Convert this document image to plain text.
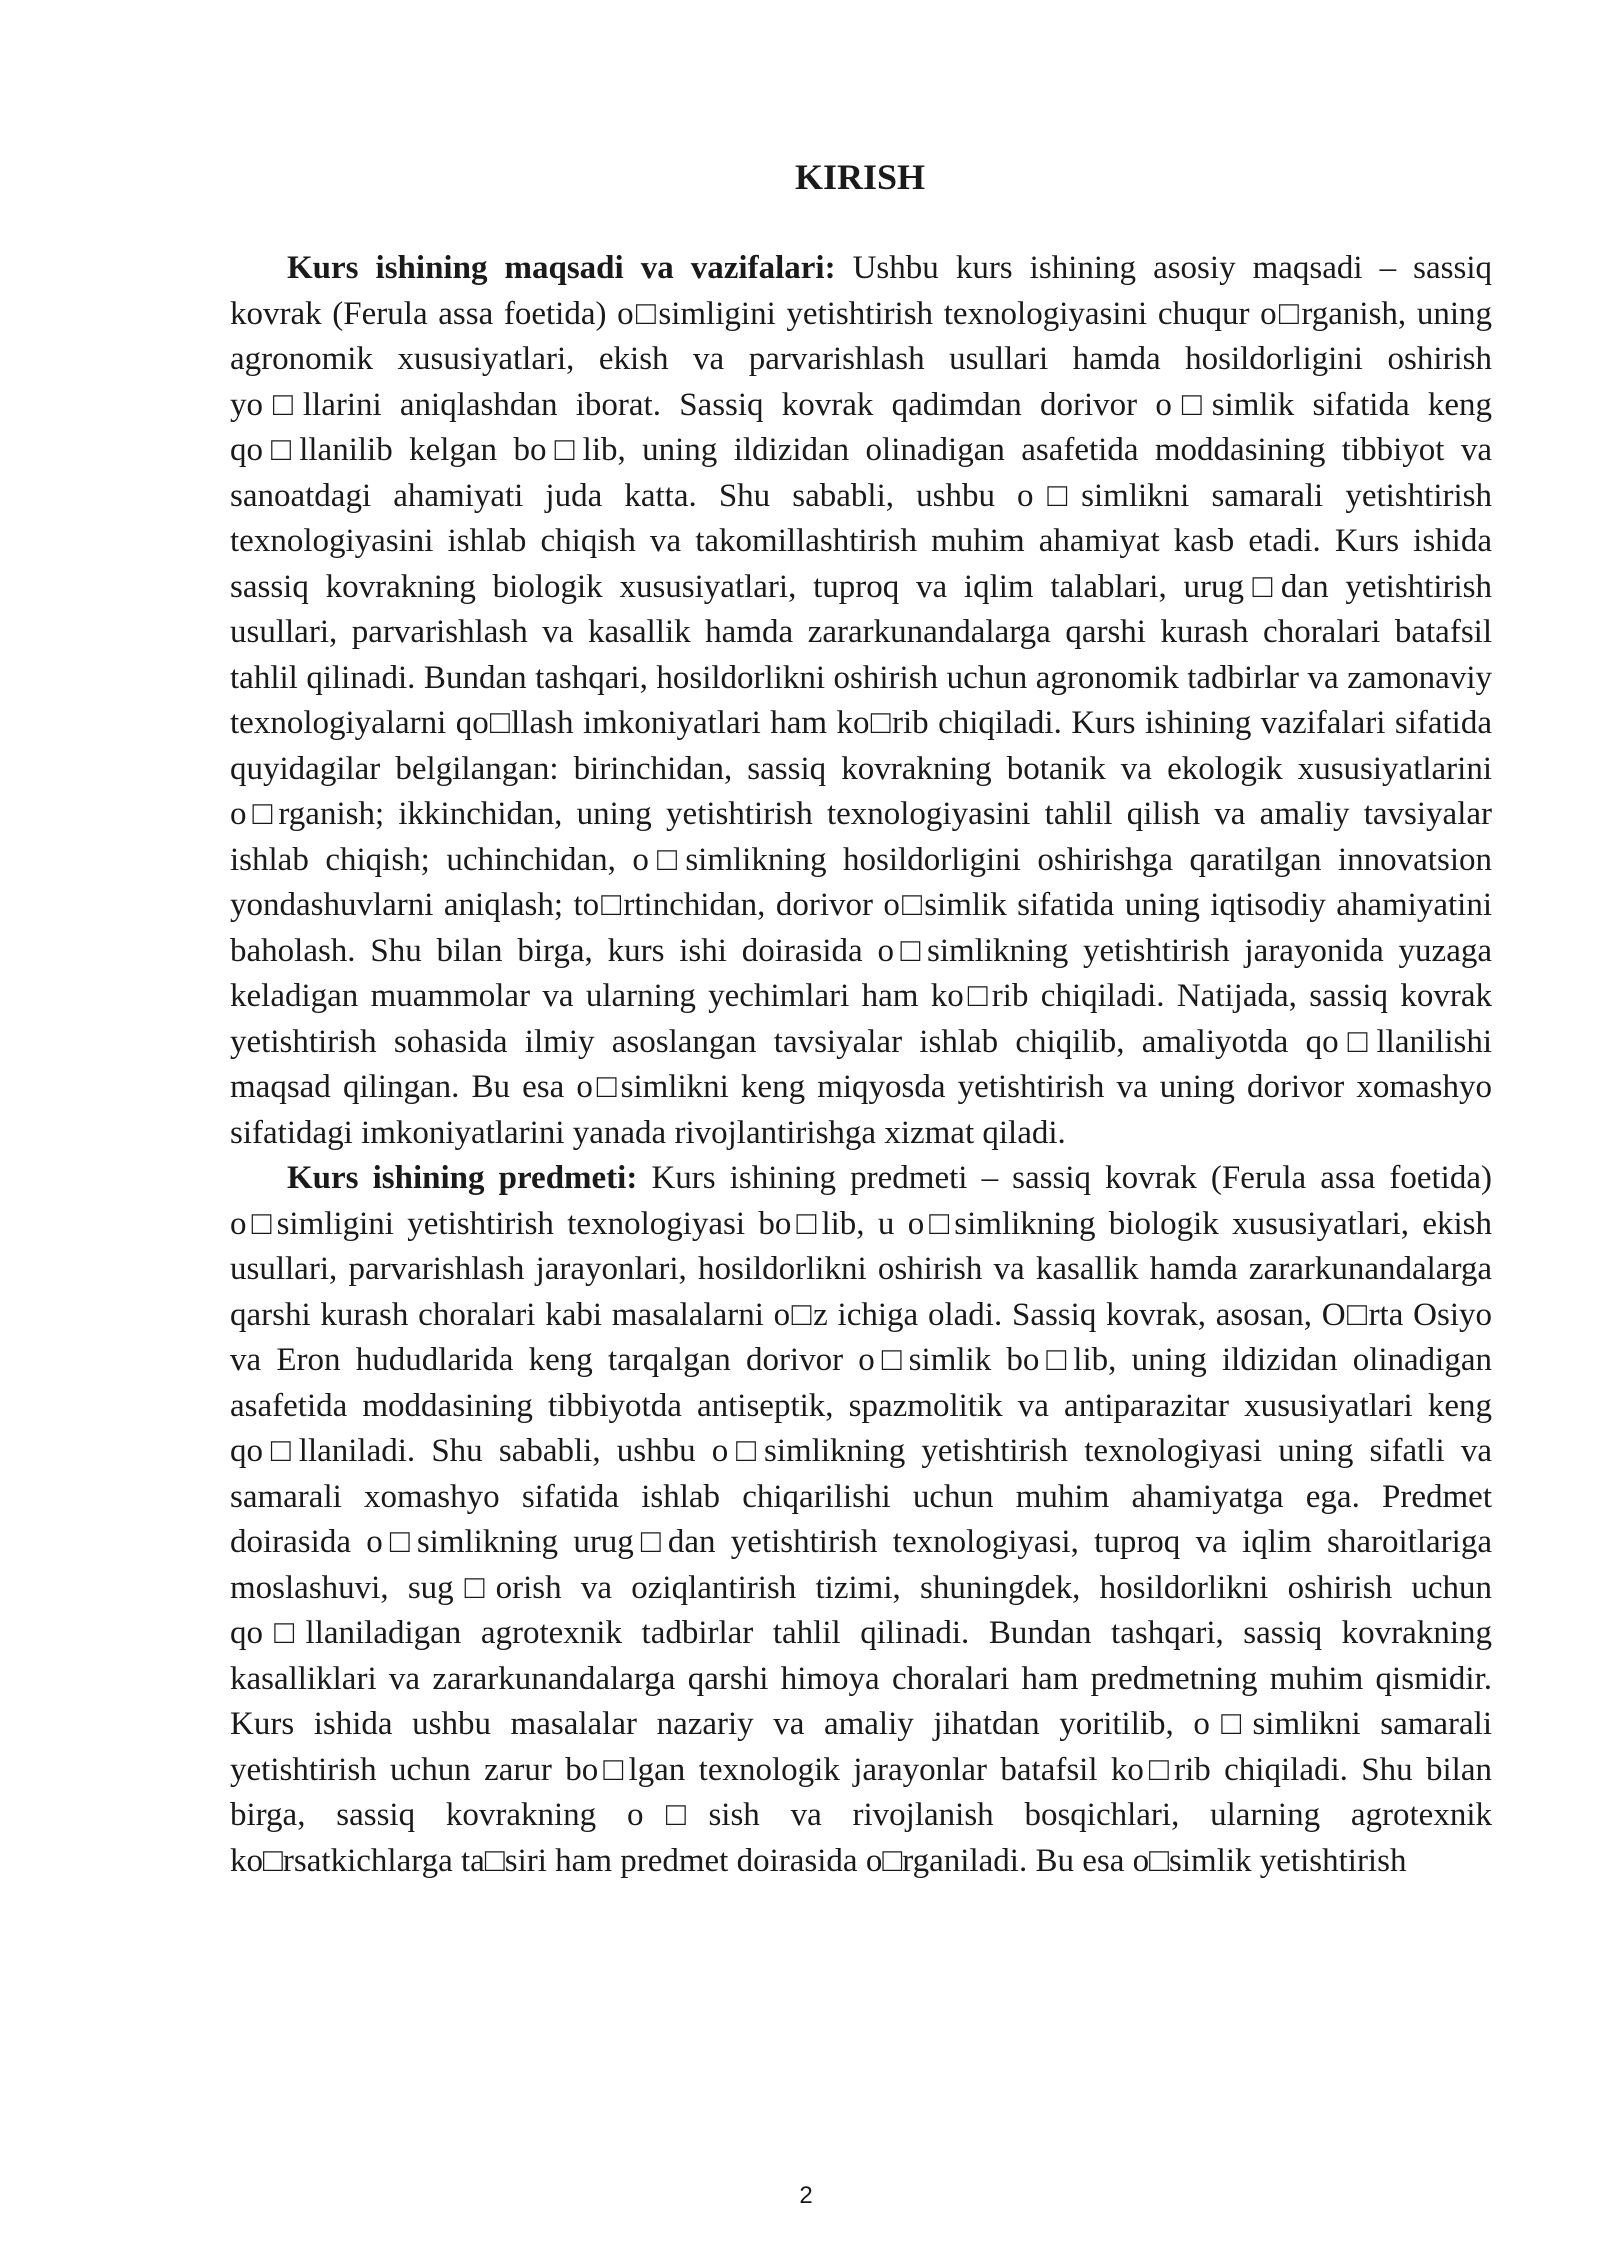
KIRISH

Kurs ishining maqsadi va vazifalari: Ushbu kurs ishining asosiy maqsadi – sassiq kovrak (Ferula assa foetida) o□simligini yetishtirish texnologiyasini chuqur o□rganish, uning agronomik xususiyatlari, ekish va parvarishlash usullari hamda hosildorligini oshirish yo□llarini aniqlashdan iborat. Sassiq kovrak qadimdan dorivor o□simlik sifatida keng qo□llanilib kelgan bo□lib, uning ildizidan olinadigan asafetida moddasining tibbiyot va sanoatdagi ahamiyati juda katta. Shu sababli, ushbu o□simlikni samarali yetishtirish texnologiyasini ishlab chiqish va takomillashtirish muhim ahamiyat kasb etadi. Kurs ishida sassiq kovrakning biologik xususiyatlari, tuproq va iqlim talablari, urug□dan yetishtirish usullari, parvarishlash va kasallik hamda zararkunandalarga qarshi kurash choralari batafsil tahlil qilinadi. Bundan tashqari, hosildorlikni oshirish uchun agronomik tadbirlar va zamonaviy texnologiyalarni qo□llash imkoniyatlari ham ko□rib chiqiladi. Kurs ishining vazifalari sifatida quyidagilar belgilangan: birinchidan, sassiq kovrakning botanik va ekologik xususiyatlarini o□rganish; ikkinchidan, uning yetishtirish texnologiyasini tahlil qilish va amaliy tavsiyalar ishlab chiqish; uchinchidan, o□simlikning hosildorligini oshirishga qaratilgan innovatsion yondashuvlarni aniqlash; to□rtinchidan, dorivor o□simlik sifatida uning iqtisodiy ahamiyatini baholash. Shu bilan birga, kurs ishi doirasida o□simlikning yetishtirish jarayonida yuzaga keladigan muammolar va ularning yechimlari ham ko□rib chiqiladi. Natijada, sassiq kovrak yetishtirish sohasida ilmiy asoslangan tavsiyalar ishlab chiqilib, amaliyotda qo□llanilishi maqsad qilingan. Bu esa o□simlikni keng miqyosda yetishtirish va uning dorivor xomashyo sifatidagi imkoniyatlarini yanada rivojlantirishga xizmat qiladi.

Kurs ishining predmeti: Kurs ishining predmeti – sassiq kovrak (Ferula assa foetida) o□simligini yetishtirish texnologiyasi bo□lib, u o□simlikning biologik xususiyatlari, ekish usullari, parvarishlash jarayonlari, hosildorlikni oshirish va kasallik hamda zararkunandalarga qarshi kurash choralari kabi masalalarni o□z ichiga oladi. Sassiq kovrak, asosan, O□rta Osiyo va Eron hududlarida keng tarqalgan dorivor o□simlik bo□lib, uning ildizidan olinadigan asafetida moddasining tibbiyotda antiseptik, spazmolitik va antiparazitar xususiyatlari keng qo□llaniladi. Shu sababli, ushbu o□simlikning yetishtirish texnologiyasi uning sifatli va samarali xomashyo sifatida ishlab chiqarilishi uchun muhim ahamiyatga ega. Predmet doirasida o□simlikning urug□dan yetishtirish texnologiyasi, tuproq va iqlim sharoitlariga moslashuvi, sug□orish va oziqlantirish tizimi, shuningdek, hosildorlikni oshirish uchun qo□llaniladigan agrotexnik tadbirlar tahlil qilinadi. Bundan tashqari, sassiq kovrakning kasalliklari va zararkunandalarga qarshi himoya choralari ham predmetning muhim qismidir. Kurs ishida ushbu masalalar nazariy va amaliy jihatdan yoritilib, o□simlikni samarali yetishtirish uchun zarur bo□lgan texnologik jarayonlar batafsil ko□rib chiqiladi. Shu bilan birga, sassiq kovrakning o□sish va rivojlanish bosqichlari, ularning agrotexnik ko□rsatkichlarga ta□siri ham predmet doirasida o□rganiladi. Bu esa o□simlik yetishtirish

2
